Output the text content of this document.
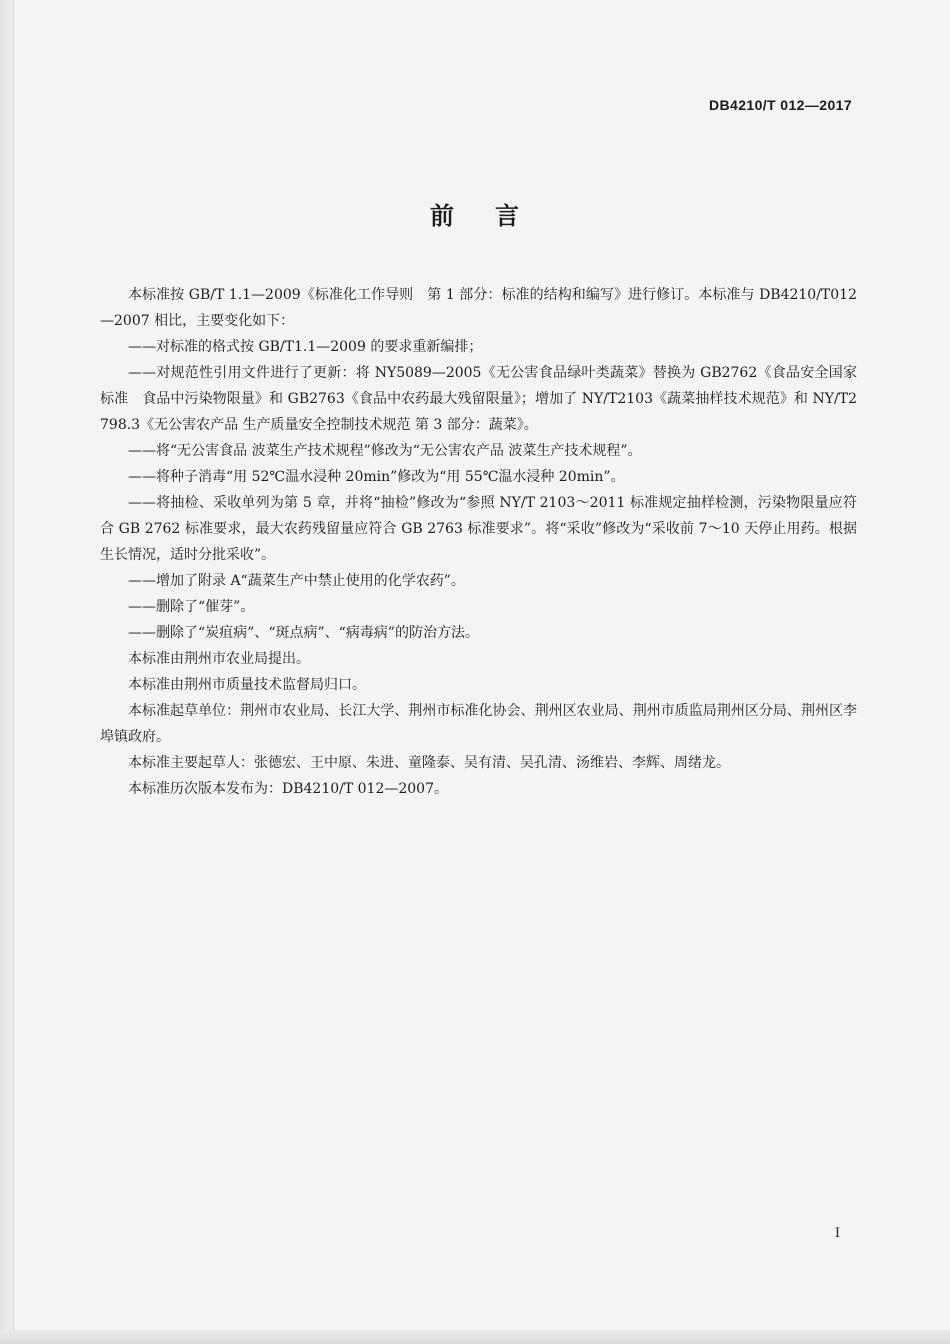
DB4210/T 012—2017
前 言

本标准按 GB/T 1.1—2009《标准化工作导则　第 1 部分：标准的结构和编写》进行修订。本标准与 DB4210/T012—2007 相比，主要变化如下：

——对标准的格式按 GB/T1.1—2009 的要求重新编排；

——对规范性引用文件进行了更新：将 NY5089—2005《无公害食品绿叶类蔬菜》替换为 GB2762《食品安全国家标准　食品中污染物限量》和 GB2763《食品中农药最大残留限量》；增加了 NY/T2103《蔬菜抽样技术规范》和 NY/T2798.3《无公害农产品 生产质量安全控制技术规范 第 3 部分：蔬菜》。

——将“无公害食品 波菜生产技术规程”修改为“无公害农产品 波菜生产技术规程”。

——将种子消毒“用 52℃温水浸种 20min”修改为“用 55℃温水浸种 20min”。

——将抽检、采收单列为第 5 章，并将“抽检”修改为“参照 NY/T 2103～2011 标准规定抽样检测，污染物限量应符合 GB 2762 标准要求，最大农药残留量应符合 GB 2763 标准要求”。将“采收”修改为“采收前 7～10 天停止用药。根据生长情况，适时分批采收”。

——增加了附录 A“蔬菜生产中禁止使用的化学农药”。

——删除了“催芽”。

——删除了“炭疽病”、“斑点病”、“病毒病”的防治方法。

本标准由荆州市农业局提出。

本标准由荆州市质量技术监督局归口。

本标准起草单位：荆州市农业局、长江大学、荆州市标准化协会、荆州区农业局、荆州市质监局荆州区分局、荆州区李埠镇政府。

本标准主要起草人：张德宏、王中原、朱进、童隆泰、吴有清、吴孔清、汤维岩、李辉、周绪龙。

本标准历次版本发布为：DB4210/T 012—2007。

I
